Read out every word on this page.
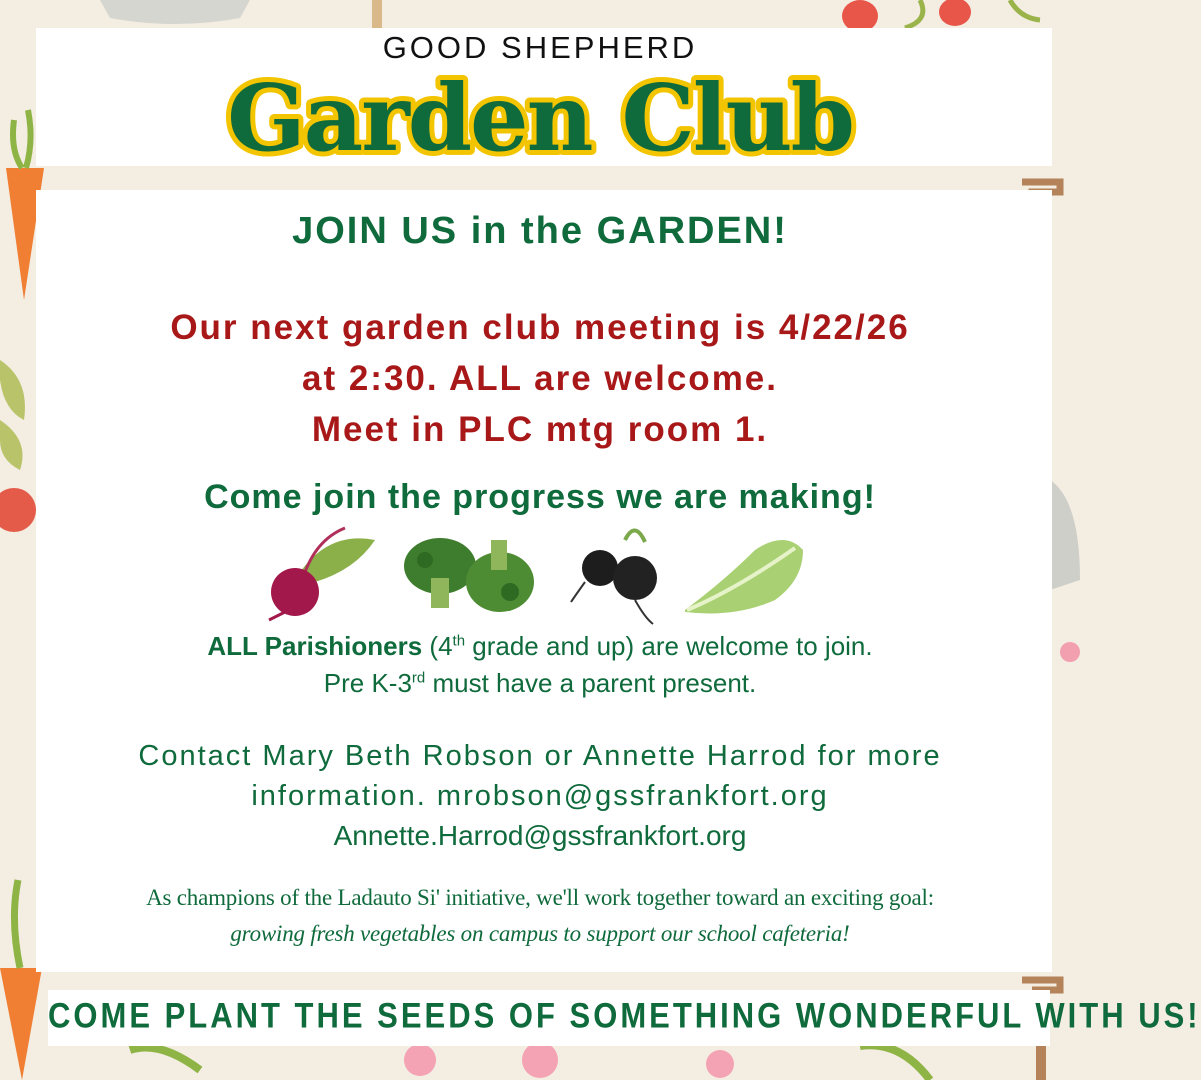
GOOD SHEPHERD
Garden Club
JOIN US in the GARDEN!
Our next garden club meeting is 4/22/26
at 2:30. ALL are welcome.
Meet in PLC mtg room 1.
Come join the progress we are making!
ALL Parishioners (4th grade and up) are welcome to join.
Pre K-3rd must have a parent present.
Contact Mary Beth Robson or Annette Harrod for more
information. mrobson@gssfrankfort.org
Annette.Harrod@gssfrankfort.org
As champions of the Ladauto Si' initiative, we'll work together toward an exciting goal:
growing fresh vegetables on campus to support our school cafeteria!
COME PLANT THE SEEDS OF SOMETHING WONDERFUL WITH US!
